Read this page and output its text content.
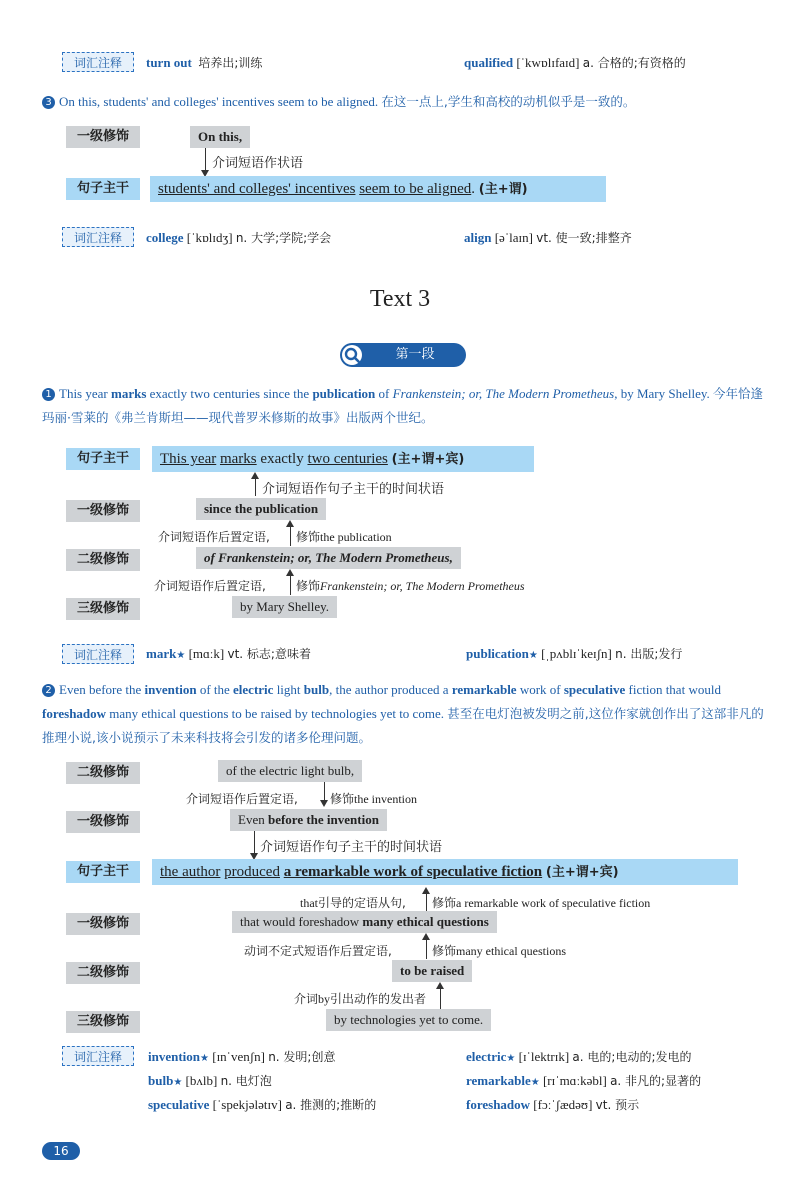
词汇注释	turn out 培养出;训练	qualified [ˈkwɒlɪfaɪd] a. 合格的;有资格的
3 On this, students' and colleges' incentives seem to be aligned. 在这一点上,学生和高校的动机似乎是一致的。
一级修饰	On this,
介词短语作状语
句子主干	students' and colleges' incentives seem to be aligned. (主+谓)
词汇注释	college [ˈkɒlɪdʒ] n. 大学;学院;学会	align [əˈlaɪn] vt. 使一致;排整齐
Text 3
第一段
1 This year marks exactly two centuries since the publication of Frankenstein; or, The Modern Prometheus, by Mary Shelley. 今年恰逢玛丽·雪莱的《弗兰肯斯坦——现代普罗米修斯的故事》出版两个世纪。
句子主干	This year marks exactly two centuries (主+谓+宾)
介词短语作句子主干的时间状语
一级修饰	since the publication
介词短语作后置定语, 修饰the publication
二级修饰	of Frankenstein; or, The Modern Prometheus,
介词短语作后置定语,	修饰Frankenstein; or, The Modern Prometheus
三级修饰	by Mary Shelley.
词汇注释	mark★ [mɑːk] vt. 标志;意味着	publication★ [ˌpʌblɪˈkeɪʃn] n. 出版;发行
2 Even before the invention of the electric light bulb, the author produced a remarkable work of speculative fiction that would foreshadow many ethical questions to be raised by technologies yet to come. 甚至在电灯泡被发明之前,这位作家就创作出了这部非凡的推理小说,该小说预示了未来科技将会引发的诸多伦理问题。
二级修饰	of the electric light bulb,
介词短语作后置定语,	修饰the invention
一级修饰	Even before the invention
介词短语作句子主干的时间状语
句子主干	the author produced a remarkable work of speculative fiction (主+谓+宾)
that引导的定语从句, 修饰a remarkable work of speculative fiction
一级修饰	that would foreshadow many ethical questions
动词不定式短语作后置定语,	修饰many ethical questions
二级修饰	to be raised
介词by引出动作的发出者
三级修饰	by technologies yet to come.
词汇注释	invention★ [ɪnˈvenʃn] n. 发明;创意	electric★ [ɪˈlektrɪk] a. 电的;电动的;发电的
bulb★ [bʌlb] n. 电灯泡	remarkable★ [rɪˈmɑːkəbl] a. 非凡的;显著的
speculative [ˈspekjələtɪv] a. 推测的;推断的	foreshadow [fɔːˈʃædəʊ] vt. 预示
16
